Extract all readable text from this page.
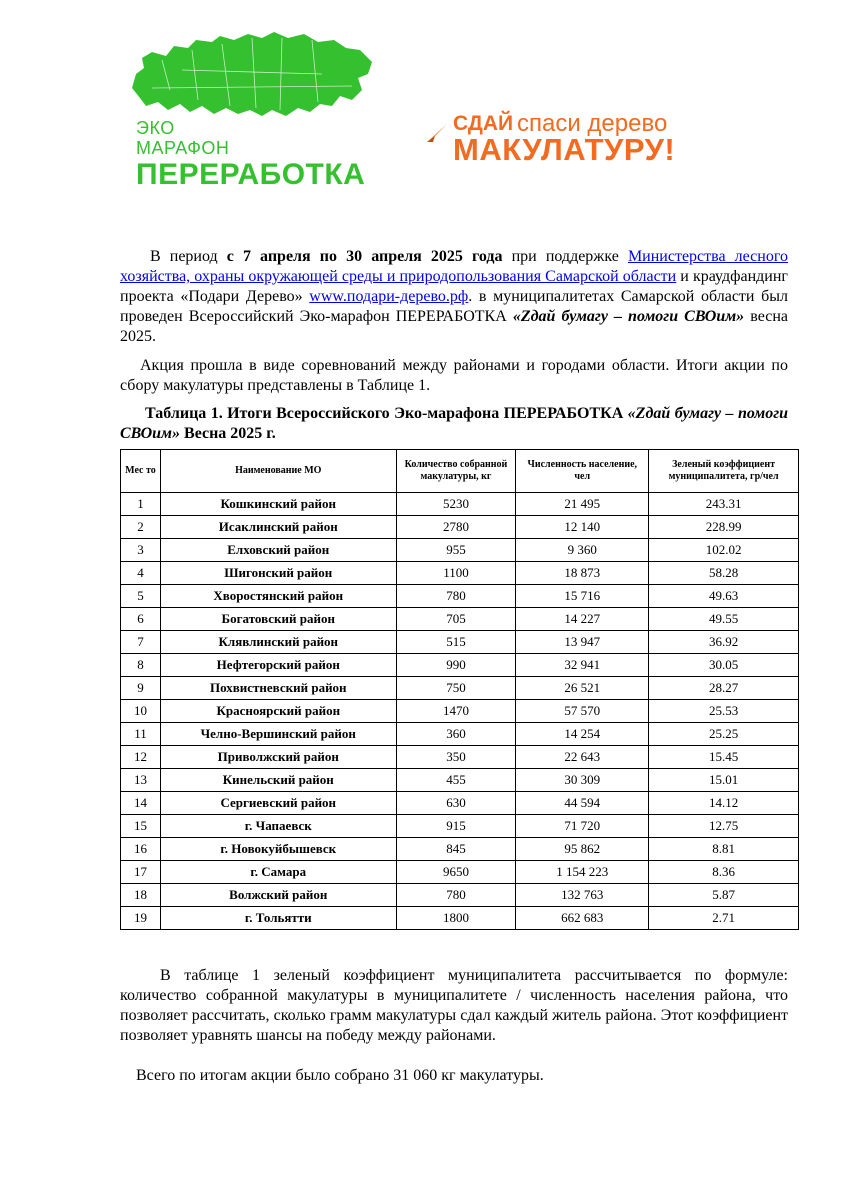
ЭКО
МАРАФОН
ПЕРЕРАБОТКА
СДАЙ спаси дерево
МАКУЛАТУРУ!
В период с 7 апреля по 30 апреля 2025 года при поддержке Министерства лесного хозяйства, охраны окружающей среды и природопользования Самарской области и краудфандинг проекта «Подари Дерево» www.подари-дерево.рф. в муниципалитетах Самарской области был проведен Всероссийский Эко-марафон ПЕРЕРАБОТКА «Zдай бумагу – помоги СВОим» весна 2025.
Акция прошла в виде соревнований между районами и городами области. Итоги акции по сбору макулатуры представлены в Таблице 1.
Таблица 1. Итоги Всероссийского Эко-марафона ПЕРЕРАБОТКА «Zдай бумагу – помоги СВОим» Весна 2025 г.
Мес то	Наименование МО	Количество собранной макулатуры, кг	Численность население, чел	Зеленый коэффициент муниципалитета, гр/чел
1	Кошкинский район	5230	21 495	243.31
2	Исаклинский район	2780	12 140	228.99
3	Елховский район	955	9 360	102.02
4	Шигонский район	1100	18 873	58.28
5	Хворостянский район	780	15 716	49.63
6	Богатовский район	705	14 227	49.55
7	Клявлинский район	515	13 947	36.92
8	Нефтегорский район	990	32 941	30.05
9	Похвистневский район	750	26 521	28.27
10	Красноярский район	1470	57 570	25.53
11	Челно-Вершинский район	360	14 254	25.25
12	Приволжский район	350	22 643	15.45
13	Кинельский район	455	30 309	15.01
14	Сергиевский район	630	44 594	14.12
15	г. Чапаевск	915	71 720	12.75
16	г. Новокуйбышевск	845	95 862	8.81
17	г. Самара	9650	1 154 223	8.36
18	Волжский район	780	132 763	5.87
19	г. Тольятти	1800	662 683	2.71
В таблице 1 зеленый коэффициент муниципалитета рассчитывается по формуле: количество собранной макулатуры в муниципалитете / численность населения района, что позволяет рассчитать, сколько грамм макулатуры сдал каждый житель района. Этот коэффициент позволяет уравнять шансы на победу между районами.
Всего по итогам акции было собрано 31 060 кг макулатуры.
